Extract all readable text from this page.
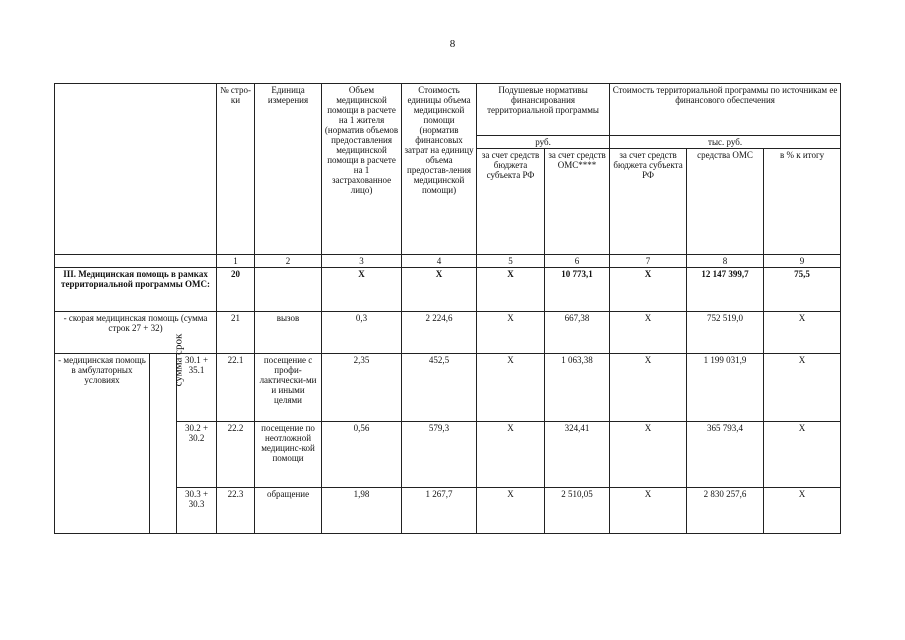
8
			№ стро-ки	Единица измерения	Объем медицинской помощи в расчете на 1 жителя (норматив объемов предоставления медицинской помощи в расчете на 1 застрахованное лицо)	Стоимость единицы объема медицинской помощи (норматив финансовых затрат на единицу объема предостав-ления медицинской помощи)	Подушевые нормативы финансирования территориальной программы		Стоимость территориальной программы по источникам ее финансового обеспечения		
							руб.		тыс. руб.		
							за счет средств бюджета субъекта РФ	за счет средств ОМС****	за счет средств бюджета субъекта РФ	средства ОМС	в % к итогу
			1	2	3	4	5	6	7	8	9
III. Медицинская помощь в рамках территориальной программы ОМС:			20		Х	Х	Х	10 773,1	Х	12 147 399,7	75,5
- скорая медицинская помощь (сумма строк 27 + 32)			21	вызов	0,3	2 224,6	Х	667,38	Х	752 519,0	Х
- медицинская помощь в амбулаторных условиях	сумма срок	30.1 + 35.1	22.1	посещение с профи-лактически-ми и иными целями	2,35	452,5	Х	1 063,38	Х	1 199 031,9	Х
		30.2 + 30.2	22.2	посещение по неотложной медицинс-кой помощи	0,56	579,3	Х	324,41	Х	365 793,4	Х
		30.3 + 30.3	22.3	обращение	1,98	1 267,7	Х	2 510,05	Х	2 830 257,6	Х
